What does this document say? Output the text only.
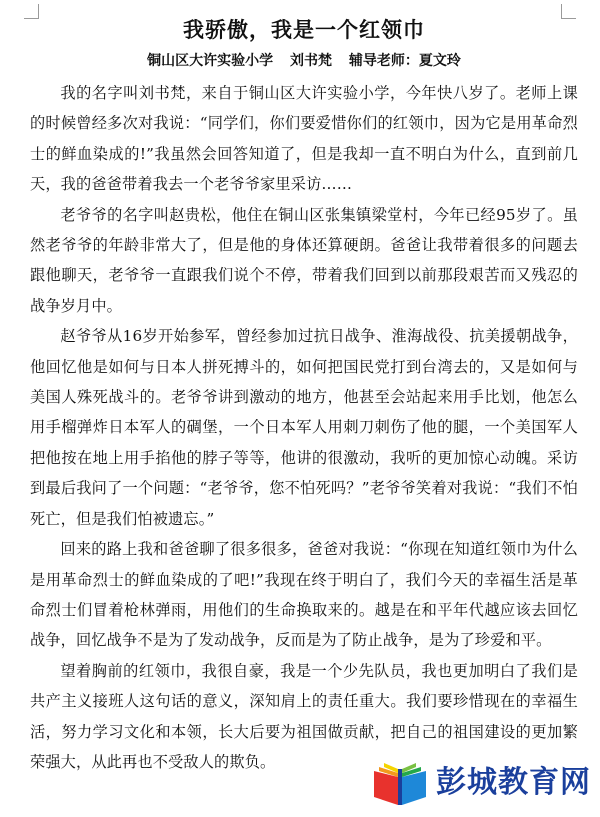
我骄傲，我是一个红领巾

铜山区大许实验小学 刘书梵 辅导老师：夏文玲

我的名字叫刘书梵，来自于铜山区大许实验小学，今年快八岁了。老师上课的时候曾经多次对我说：“同学们，你们要爱惜你们的红领巾，因为它是用革命烈士的鲜血染成的!”我虽然会回答知道了，但是我却一直不明白为什么，直到前几天，我的爸爸带着我去一个老爷爷家里采访……

老爷爷的名字叫赵贵松，他住在铜山区张集镇梁堂村，今年已经95岁了。虽然老爷爷的年龄非常大了，但是他的身体还算硬朗。爸爸让我带着很多的问题去跟他聊天，老爷爷一直跟我们说个不停，带着我们回到以前那段艰苦而又残忍的战争岁月中。

赵爷爷从16岁开始参军，曾经参加过抗日战争、淮海战役、抗美援朝战争，他回忆他是如何与日本人拼死搏斗的，如何把国民党打到台湾去的，又是如何与美国人殊死战斗的。老爷爷讲到激动的地方，他甚至会站起来用手比划，他怎么用手榴弹炸日本军人的碉堡，一个日本军人用刺刀刺伤了他的腿，一个美国军人把他按在地上用手掐他的脖子等等，他讲的很激动，我听的更加惊心动魄。采访到最后我问了一个问题：“老爷爷，您不怕死吗？”老爷爷笑着对我说：“我们不怕死亡，但是我们怕被遗忘。”

回来的路上我和爸爸聊了很多很多，爸爸对我说：“你现在知道红领巾为什么是用革命烈士的鲜血染成的了吧!”我现在终于明白了，我们今天的幸福生活是革命烈士们冒着枪林弹雨，用他们的生命换取来的。越是在和平年代越应该去回忆战争，回忆战争不是为了发动战争，反而是为了防止战争，是为了珍爱和平。

望着胸前的红领巾，我很自豪，我是一个少先队员，我也更加明白了我们是共产主义接班人这句话的意义，深知肩上的责任重大。我们要珍惜现在的幸福生活，努力学习文化和本领，长大后要为祖国做贡献，把自己的祖国建设的更加繁荣强大，从此再也不受敌人的欺负。

彭城教育网
